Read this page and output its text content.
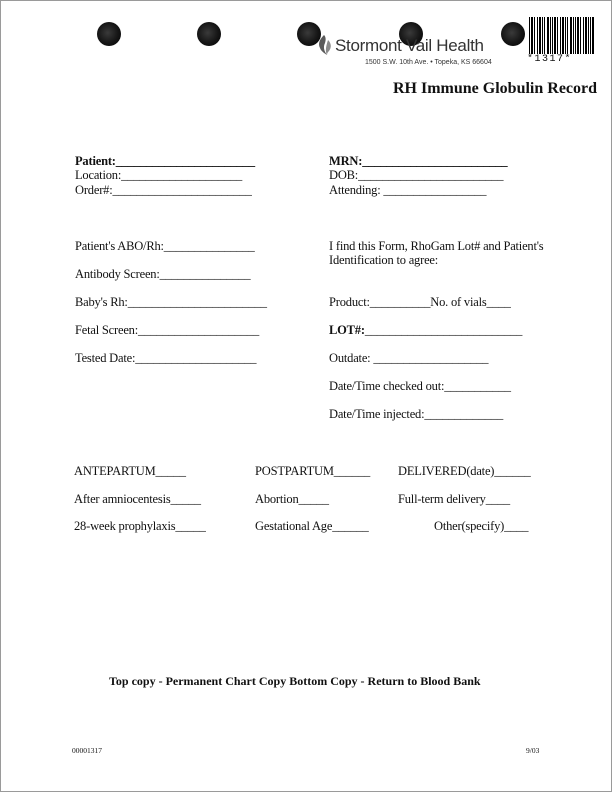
Stormont Vail Health
1500 S.W. 10th Ave. • Topeka, KS 66604	*1317*
RH Immune Globulin Record
Patient:_______________________
Location:____________________
Order#:_______________________
MRN:________________________
DOB:________________________
Attending: _________________
Patient's ABO/Rh:_______________
Antibody Screen:_______________
Baby's Rh:_______________________
Fetal Screen:____________________
Tested Date:____________________
I find this Form, RhoGam Lot# and Patient's
Identification to agree:
Product:__________No. of vials____
LOT#:__________________________
Outdate: ___________________
Date/Time checked out:___________
Date/Time injected:_____________
ANTEPARTUM_____	POSTPARTUM______ DELIVERED(date)______
After amniocentesis_____	Abortion_____	Full-term delivery____
28-week prophylaxis_____	Gestational Age______	Other(specify)____
Top copy - Permanent Chart Copy Bottom Copy - Return to Blood Bank
00001317	9/03
